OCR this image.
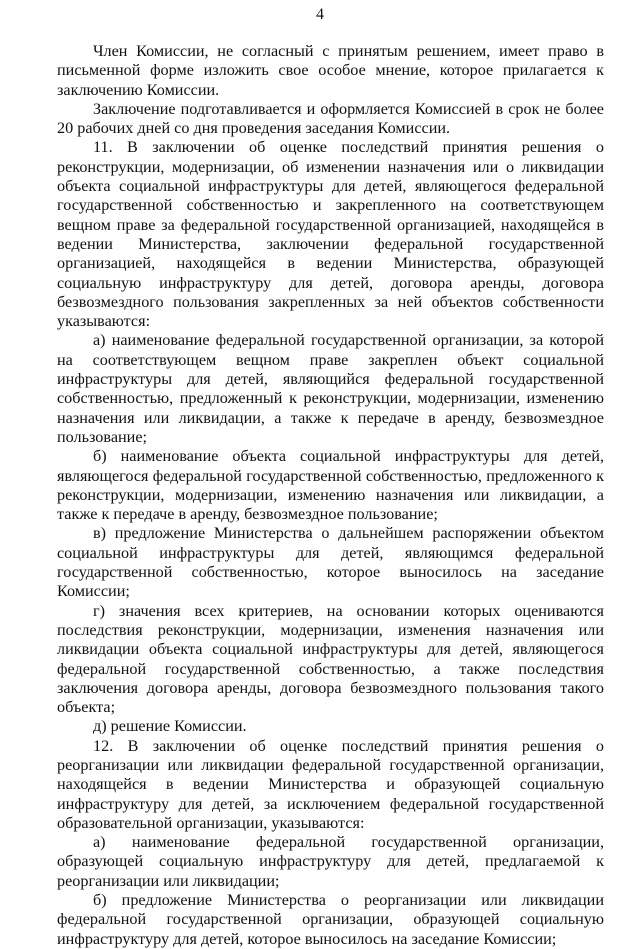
4

Член Комиссии, не согласный с принятым решением, имеет право в письменной форме изложить свое особое мнение, которое прилагается к заключению Комиссии.

Заключение подготавливается и оформляется Комиссией в срок не более 20 рабочих дней со дня проведения заседания Комиссии.

11. В заключении об оценке последствий принятия решения о реконструкции, модернизации, об изменении назначения или о ликвидации объекта социальной инфраструктуры для детей, являющегося федеральной государственной собственностью и закрепленного на соответствующем вещном праве за федеральной государственной организацией, находящейся в ведении Министерства, заключении федеральной государственной организацией, находящейся в ведении Министерства, образующей социальную инфраструктуру для детей, договора аренды, договора безвозмездного пользования закрепленных за ней объектов собственности указываются:

а) наименование федеральной государственной организации, за которой на соответствующем вещном праве закреплен объект социальной инфраструктуры для детей, являющийся федеральной государственной собственностью, предложенный к реконструкции, модернизации, изменению назначения или ликвидации, а также к передаче в аренду, безвозмездное пользование;

б) наименование объекта социальной инфраструктуры для детей, являющегося федеральной государственной собственностью, предложенного к реконструкции, модернизации, изменению назначения или ликвидации, а также к передаче в аренду, безвозмездное пользование;

в) предложение Министерства о дальнейшем распоряжении объектом социальной инфраструктуры для детей, являющимся федеральной государственной собственностью, которое выносилось на заседание Комиссии;

г) значения всех критериев, на основании которых оцениваются последствия реконструкции, модернизации, изменения назначения или ликвидации объекта социальной инфраструктуры для детей, являющегося федеральной государственной собственностью, а также последствия заключения договора аренды, договора безвозмездного пользования такого объекта;

д) решение Комиссии.

12. В заключении об оценке последствий принятия решения о реорганизации или ликвидации федеральной государственной организации, находящейся в ведении Министерства и образующей социальную инфраструктуру для детей, за исключением федеральной государственной образовательной организации, указываются:

а) наименование федеральной государственной организации, образующей социальную инфраструктуру для детей, предлагаемой к реорганизации или ликвидации;

б) предложение Министерства о реорганизации или ликвидации федеральной государственной организации, образующей социальную инфраструктуру для детей, которое выносилось на заседание Комиссии;
